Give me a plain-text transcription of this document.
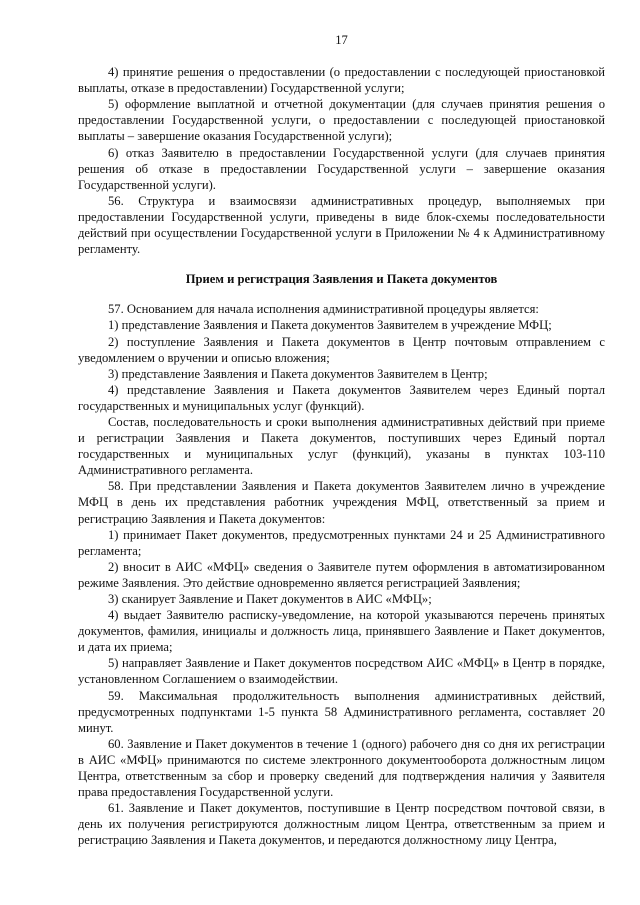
17

4) принятие решения о предоставлении (о предоставлении с последующей приостановкой выплаты, отказе в предоставлении) Государственной услуги;

5) оформление выплатной и отчетной документации (для случаев принятия решения о предоставлении Государственной услуги, о предоставлении с последующей приостановкой выплаты – завершение оказания Государственной услуги);

6) отказ Заявителю в предоставлении Государственной услуги (для случаев принятия решения об отказе в предоставлении Государственной услуги – завершение оказания Государственной услуги).

56. Структура и взаимосвязи административных процедур, выполняемых при предоставлении Государственной услуги, приведены в виде блок-схемы последовательности действий при осуществлении Государственной услуги в Приложении № 4 к Административному регламенту.

Прием и регистрация Заявления и Пакета документов

57. Основанием для начала исполнения административной процедуры является:

1) представление Заявления и Пакета документов Заявителем в учреждение МФЦ;

2) поступление Заявления и Пакета документов в Центр почтовым отправлением с уведомлением о вручении и описью вложения;

3) представление Заявления и Пакета документов Заявителем в Центр;

4) представление Заявления и Пакета документов Заявителем через Единый портал государственных и муниципальных услуг (функций).

Состав, последовательность и сроки выполнения административных действий при приеме и регистрации Заявления и Пакета документов, поступивших через Единый портал государственных и муниципальных услуг (функций), указаны в пунктах 103-110 Административного регламента.

58. При представлении Заявления и Пакета документов Заявителем лично в учреждение МФЦ в день их представления работник учреждения МФЦ, ответственный за прием и регистрацию Заявления и Пакета документов:

1) принимает Пакет документов, предусмотренных пунктами 24 и 25 Административного регламента;

2) вносит в АИС «МФЦ» сведения о Заявителе путем оформления в автоматизированном режиме Заявления. Это действие одновременно является регистрацией Заявления;

3) сканирует Заявление и Пакет документов в АИС «МФЦ»;

4) выдает Заявителю расписку-уведомление, на которой указываются перечень принятых документов, фамилия, инициалы и должность лица, принявшего Заявление и Пакет документов, и дата их приема;

5) направляет Заявление и Пакет документов посредством АИС «МФЦ» в Центр в порядке, установленном Соглашением о взаимодействии.

59. Максимальная продолжительность выполнения административных действий, предусмотренных подпунктами 1-5 пункта 58 Административного регламента, составляет 20 минут.

60. Заявление и Пакет документов в течение 1 (одного) рабочего дня со дня их регистрации в АИС «МФЦ» принимаются по системе электронного документооборота должностным лицом Центра, ответственным за сбор и проверку сведений для подтверждения наличия у Заявителя права предоставления Государственной услуги.

61. Заявление и Пакет документов, поступившие в Центр посредством почтовой связи, в день их получения регистрируются должностным лицом Центра, ответственным за прием и регистрацию Заявления и Пакета документов, и передаются должностному лицу Центра,
